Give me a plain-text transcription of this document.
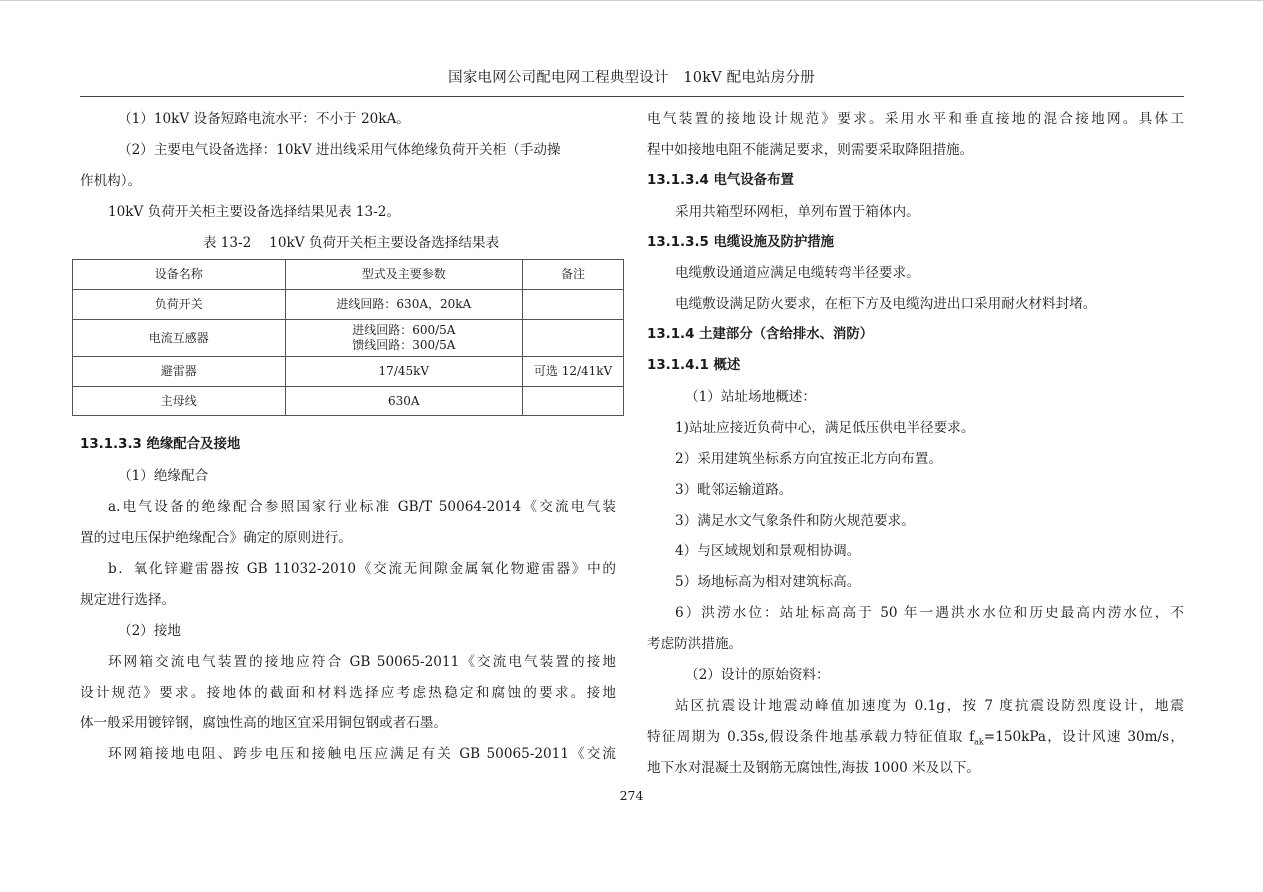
国家电网公司配电网工程典型设计　10kV 配电站房分册
（1）10kV 设备短路电流水平：不小于 20kA。
（2）主要电气设备选择：10kV 进出线采用气体绝缘负荷开关柜（手动操
作机构）。
10kV 负荷开关柜主要设备选择结果见表 13-2。
表 13-2　 10kV 负荷开关柜主要设备选择结果表
设备名称	型式及主要参数	备注
负荷开关	进线回路：630A，20kA	
电流互感器	进线回路：600/5A
馈线回路：300/5A	

避雷器	17/45kV	可选 12/41kV
主母线	630A	
13.1.3.3 绝缘配合及接地
（1）绝缘配合
a.电气设备的绝缘配合参照国家行业标准 GB/T 50064-2014《交流电气装
置的过电压保护绝缘配合》确定的原则进行。
b．氧化锌避雷器按 GB 11032-2010《交流无间隙金属氧化物避雷器》中的
规定进行选择。
（2）接地
环网箱交流电气装置的接地应符合 GB 50065-2011《交流电气装置的接地
设计规范》要求。接地体的截面和材料选择应考虑热稳定和腐蚀的要求。接地
体一般采用镀锌钢，腐蚀性高的地区宜采用铜包钢或者石墨。
环网箱接地电阻、跨步电压和接触电压应满足有关 GB 50065-2011《交流
电气装置的接地设计规范》要求。采用水平和垂直接地的混合接地网。具体工
程中如接地电阻不能满足要求，则需要采取降阻措施。
13.1.3.4 电气设备布置
采用共箱型环网柜，单列布置于箱体内。
13.1.3.5 电缆设施及防护措施
电缆敷设通道应满足电缆转弯半径要求。
电缆敷设满足防火要求，在柜下方及电缆沟进出口采用耐火材料封堵。
13.1.4 土建部分（含给排水、消防）
13.1.4.1 概述
（1）站址场地概述：
1)站址应接近负荷中心，满足低压供电半径要求。
2）采用建筑坐标系方向宜按正北方向布置。
3）毗邻运输道路。
3）满足水文气象条件和防火规范要求。
4）与区域规划和景观相协调。
5）场地标高为相对建筑标高。
6）洪涝水位：站址标高高于 50 年一遇洪水水位和历史最高内涝水位，不
考虑防洪措施。
（2）设计的原始资料：
站区抗震设计地震动峰值加速度为 0.1g，按 7 度抗震设防烈度设计，地震
特征周期为 0.35s,假设条件地基承载力特征值取 $f_{ak}=150kPa$，设计风速 30m/s，
地下水对混凝土及钢筋无腐蚀性,海拔 1000 米及以下。
274
